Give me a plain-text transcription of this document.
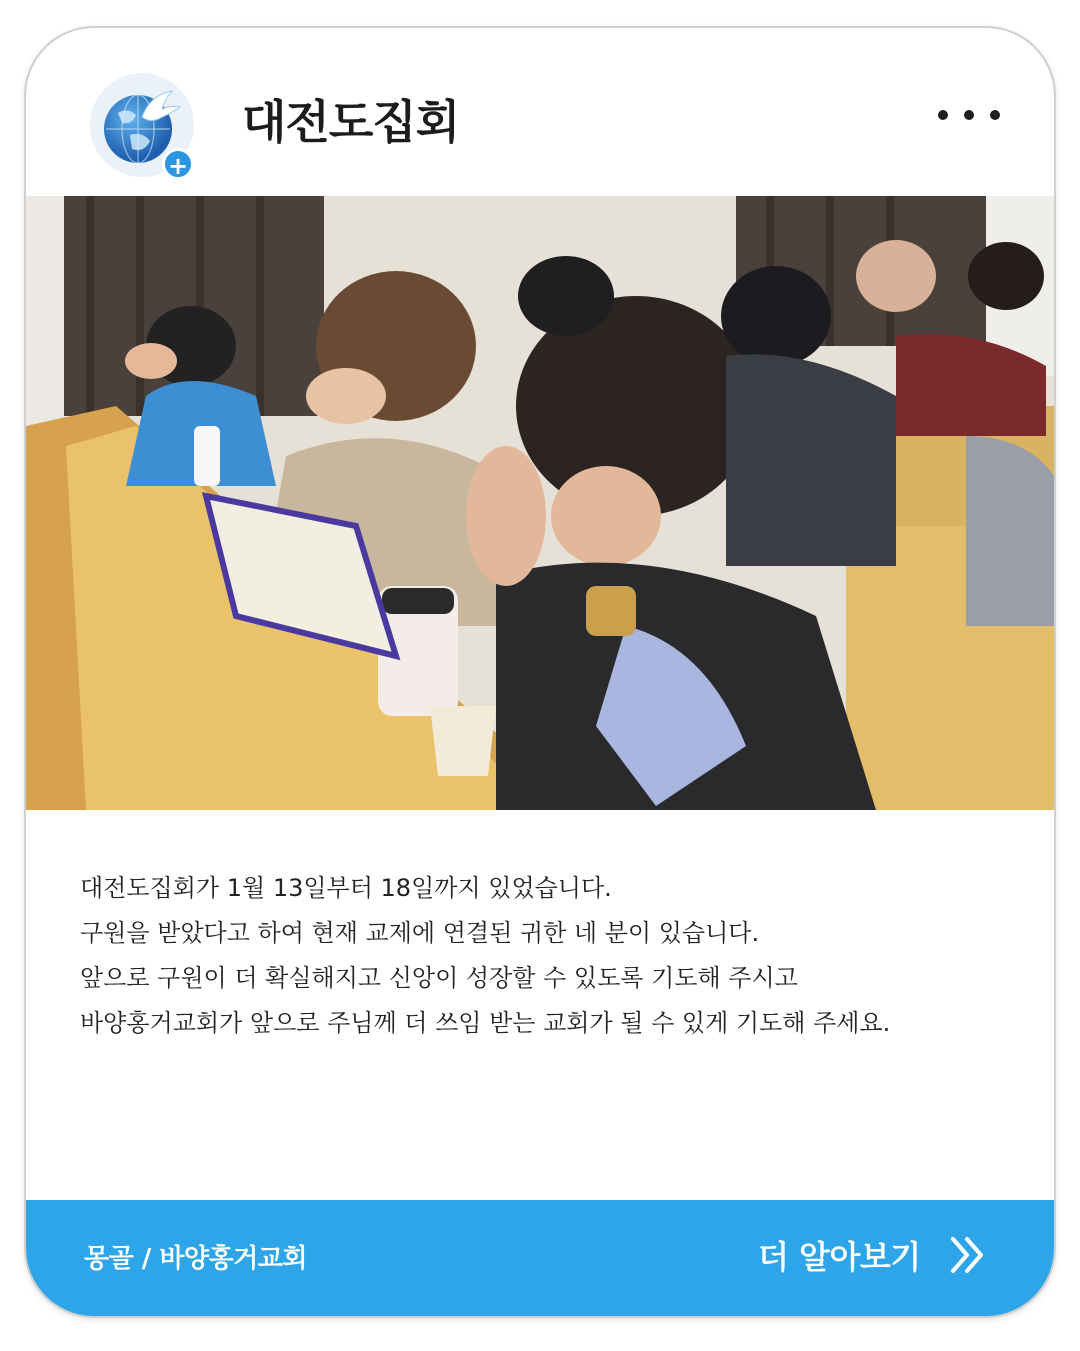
+
대전도집회

대전도집회가 1월 13일부터 18일까지 있었습니다.

구원을 받았다고 하여 현재 교제에 연결된 귀한 네 분이 있습니다.

앞으로 구원이 더 확실해지고 신앙이 성장할 수 있도록 기도해 주시고

바양홍거교회가 앞으로 주님께 더 쓰임 받는 교회가 될 수 있게 기도해 주세요.

몽골 / 바양홍거교회	더 알아보기
